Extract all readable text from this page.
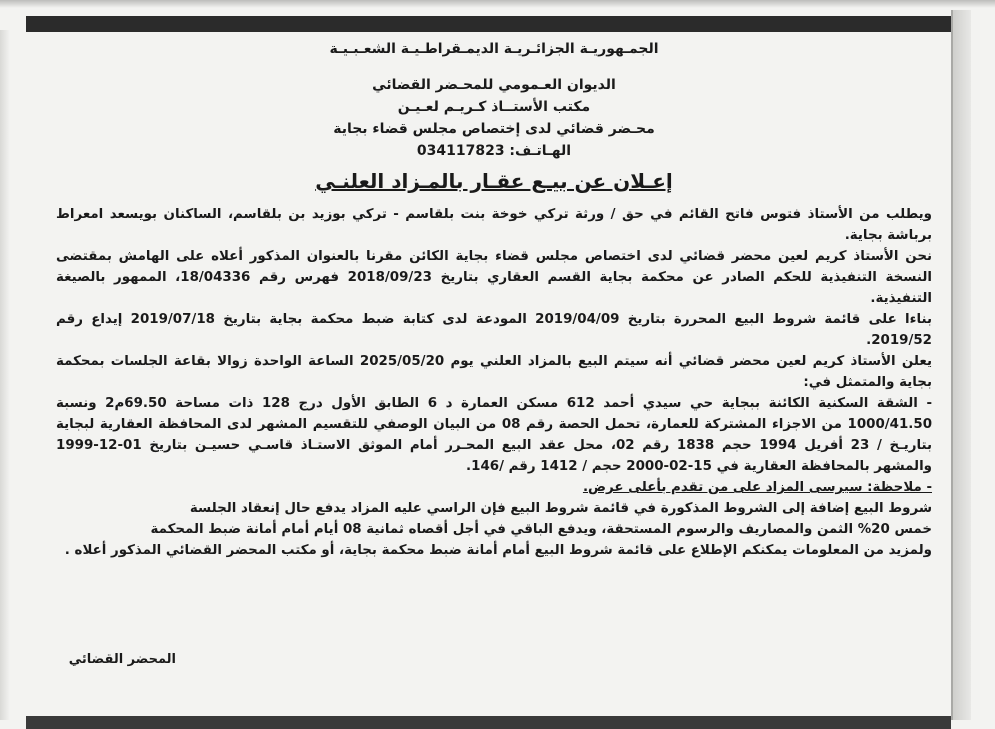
الجمـهوريـة الجزائـريـة الديمـقراطـيـة الشعـبـيـة
الديوان العـمومي للمحـضر القضائي
مكتب الأستــاذ كـريـم لعـيـن
محـضر قضائي لدى إختصاص مجلس قضاء بجاية
الهـاتـف: 034117823
إعـلان عن بيـع عقـار بالمـزاد العلنـي

ويطلب من الأستاذ فتوس فاتح القائم في حق / ورثة تركي خوخة بنت بلقاسم - تركي بوزيد بن بلقاسم، الساكنان بويسعد امعراط برباشة بجاية.

نحن الأستاذ كريم لعين محضر قضائي لدى اختصاص مجلس قضاء بجاية الكائن مقرنا بالعنوان المذكور أعلاه على الهامش بمقتضى النسخة التنفيذية للحكم الصادر عن محكمة بجاية القسم العقاري بتاريخ 2018/09/23 فهرس رقم 18/04336، الممهور بالصيغة التنفيذية.

بناءا على قائمة شروط البيع المحررة بتاريخ 2019/04/09 المودعة لدى كتابة ضبط محكمة بجاية بتاريخ 2019/07/18 إيداع رقم 2019/52.

يعلن الأستاذ كريم لعين محضر قضائي أنه سيتم البيع بالمزاد العلني يوم 2025/05/20 الساعة الواحدة زوالا بقاعة الجلسات بمحكمة بجاية والمتمثل في:

- الشقة السكنية الكائنة ببجاية حي سيدي أحمد 612 مسكن العمارة د 6 الطابق الأول درج 128 ذات مساحة 69.50م2 ونسبة 1000/41.50 من الاجزاء المشتركة للعمارة، تحمل الحصة رقم 08 من البيان الوصفي للتقسيم المشهر لدى المحافظة العقارية لبجاية بتاريـخ / 23 أفريل 1994 حجم 1838 رقم 02، محل عقد البيع المحـرر أمام الموثق الاستـاذ قاسـي حسيـن بتاريخ 01-12-1999 والمشهر بالمحافظة العقارية في 15-02-2000 حجم / 1412 رقم /146.

- ملاحظة: سيرسى المزاد على من تقدم بأعلى عرض.

شروط البيع إضافة إلى الشروط المذكورة في قائمة شروط البيع فإن الراسي عليه المزاد يدفع حال إنعقاد الجلسة

خمس 20% الثمن والمصاريف والرسوم المستحقة، ويدفع الباقي في أجل أقصاه ثمانية 08 أيام أمام أمانة ضبط المحكمة

ولمزيد من المعلومات يمكنكم الإطلاع على قائمة شروط البيع أمام أمانة ضبط محكمة بجاية، أو مكتب المحضر القضائي المذكور أعلاه .

المحضر القضائي
